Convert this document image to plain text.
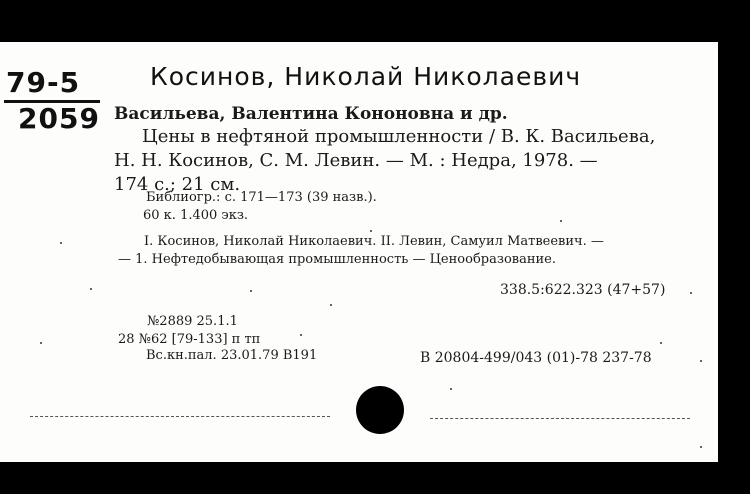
79-5
2059
Косинов, Николай Николаевич
Васильева, Валентина Кононовна и др.
Цены в нефтяной промышленности / В. К. Васильева,
Н. Н. Косинов, С. М. Левин. — М. : Недра, 1978. —
174 с.; 21 см.
Библиогр.: с. 171—173 (39 назв.).
60 к. 1.400 экз.
I. Косинов, Николай Николаевич. II. Левин, Самуил Матвеевич. —
— 1. Нефтедобывающая промышленность — Ценообразование.
338.5:622.323 (47+57)
№2889 25.1.1
28 №62 [79-133] п тп
Вс.кн.пал. 23.01.79 В191	В 20804-499/043 (01)-78 237-78
